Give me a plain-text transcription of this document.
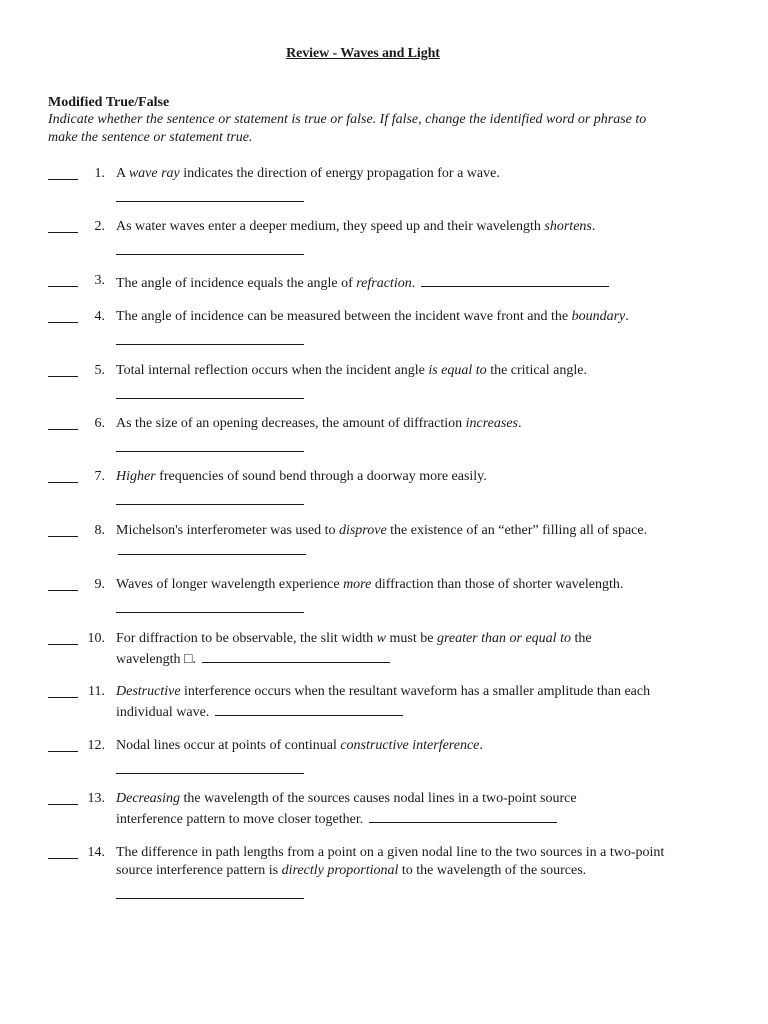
Review - Waves and Light
Modified True/False
Indicate whether the sentence or statement is true or false. If false, change the identified word or phrase to make the sentence or statement true.
1. A wave ray indicates the direction of energy propagation for a wave.
2. As water waves enter a deeper medium, they speed up and their wavelength shortens.
3. The angle of incidence equals the angle of refraction.
4. The angle of incidence can be measured between the incident wave front and the boundary.
5. Total internal reflection occurs when the incident angle is equal to the critical angle.
6. As the size of an opening decreases, the amount of diffraction increases.
7. Higher frequencies of sound bend through a doorway more easily.
8. Michelson's interferometer was used to disprove the existence of an “ether” filling all of space.
9. Waves of longer wavelength experience more diffraction than those of shorter wavelength.
10. For diffraction to be observable, the slit width w must be greater than or equal to the wavelength □.
11. Destructive interference occurs when the resultant waveform has a smaller amplitude than each individual wave.
12. Nodal lines occur at points of continual constructive interference.
13. Decreasing the wavelength of the sources causes nodal lines in a two-point source interference pattern to move closer together.
14. The difference in path lengths from a point on a given nodal line to the two sources in a two-point source interference pattern is directly proportional to the wavelength of the sources.
